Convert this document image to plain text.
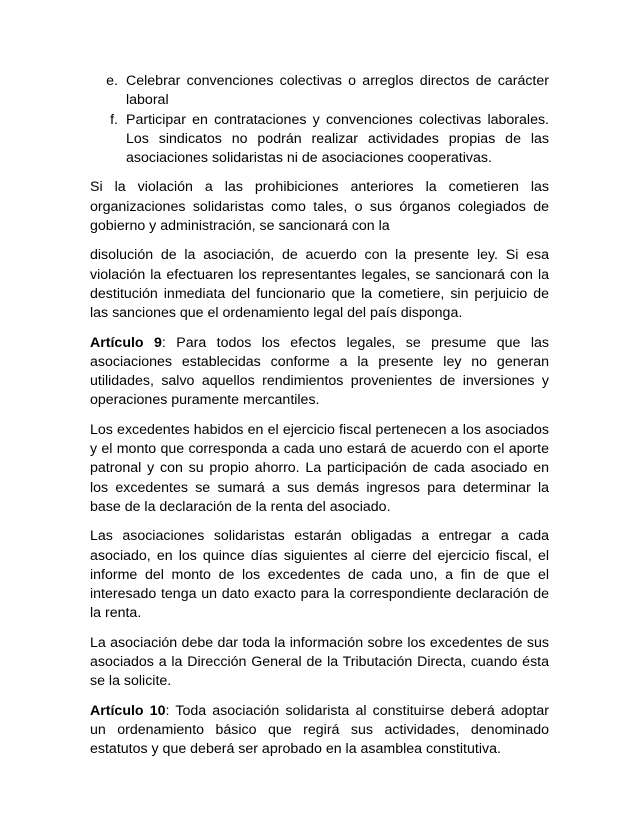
e. Celebrar convenciones colectivas o arreglos directos de carácter laboral
f. Participar en contrataciones y convenciones colectivas laborales. Los sindicatos no podrán realizar actividades propias de las asociaciones solidaristas ni de asociaciones cooperativas.

Si la violación a las prohibiciones anteriores la cometieren las organizaciones solidaristas como tales, o sus órganos colegiados de gobierno y administración, se sancionará con la

disolución de la asociación, de acuerdo con la presente ley. Si esa violación la efectuaren los representantes legales, se sancionará con la destitución inmediata del funcionario que la cometiere, sin perjuicio de las sanciones que el ordenamiento legal del país disponga.

Artículo 9: Para todos los efectos legales, se presume que las asociaciones establecidas conforme a la presente ley no generan utilidades, salvo aquellos rendimientos provenientes de inversiones y operaciones puramente mercantiles.

Los excedentes habidos en el ejercicio fiscal pertenecen a los asociados y el monto que corresponda a cada uno estará de acuerdo con el aporte patronal y con su propio ahorro. La participación de cada asociado en los excedentes se sumará a sus demás ingresos para determinar la base de la declaración de la renta del asociado.

Las asociaciones solidaristas estarán obligadas a entregar a cada asociado, en los quince días siguientes al cierre del ejercicio fiscal, el informe del monto de los excedentes de cada uno, a fin de que el interesado tenga un dato exacto para la correspondiente declaración de la renta.

La asociación debe dar toda la información sobre los excedentes de sus asociados a la Dirección General de la Tributación Directa, cuando ésta se la solicite.

Artículo 10: Toda asociación solidarista al constituirse deberá adoptar un ordenamiento básico que regirá sus actividades, denominado estatutos y que deberá ser aprobado en la asamblea constitutiva.
